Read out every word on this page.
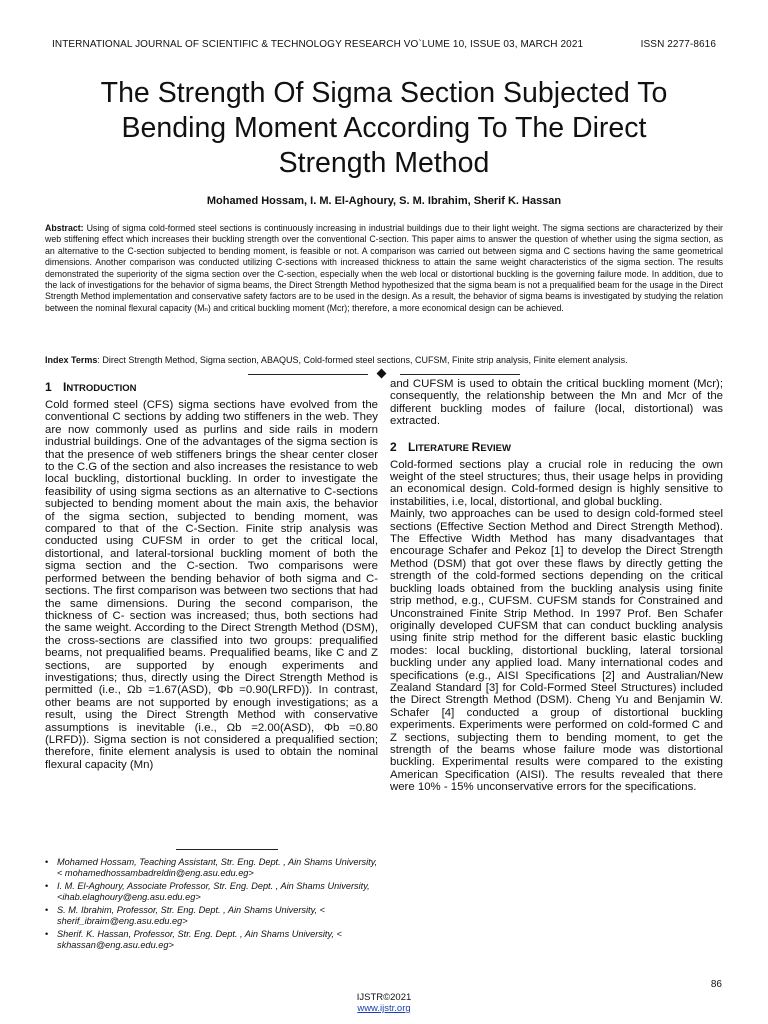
INTERNATIONAL JOURNAL OF SCIENTIFIC & TECHNOLOGY RESEARCH VO`LUME 10, ISSUE 03, MARCH 2021	ISSN 2277-8616
The Strength Of Sigma Section Subjected To
Bending Moment According To The Direct
Strength Method
Mohamed Hossam, I. M. El-Aghoury, S. M. Ibrahim, Sherif K. Hassan
Abstract: Using of sigma cold-formed steel sections is continuously increasing in industrial buildings due to their light weight. The sigma sections are characterized by their web stiffening effect which increases their buckling strength over the conventional C-section. This paper aims to answer the question of whether using the sigma section, as an alternative to the C-section subjected to bending moment, is feasible or not. A comparison was carried out between sigma and C sections having the same geometrical dimensions. Another comparison was conducted utilizing C-sections with increased thickness to attain the same weight characteristics of the sigma section. The results demonstrated the superiority of the sigma section over the C-section, especially when the web local or distortional buckling is the governing failure mode. In addition, due to the lack of investigations for the behavior of sigma beams, the Direct Strength Method hypothesized that the sigma beam is not a prequalified beam for the usage in the Direct Strength Method implementation and conservative safety factors are to be used in the design. As a result, the behavior of sigma beams is investigated by studying the relation between the nominal flexural capacity (Mₙ) and critical buckling moment (Mcr); therefore, a more economical design can be achieved.
Index Terms: Direct Strength Method, Sigma section, ABAQUS, Cold-formed steel sections, CUFSM, Finite strip analysis, Finite element analysis.
1 INTRODUCTION

Cold formed steel (CFS) sigma sections have evolved from the conventional C sections by adding two stiffeners in the web. They are now commonly used as purlins and side rails in modern industrial buildings. One of the advantages of the sigma section is that the presence of web stiffeners brings the shear center closer to the C.G of the section and also increases the resistance to web local buckling, distortional buckling. In order to investigate the feasibility of using sigma sections as an alternative to C-sections subjected to bending moment about the main axis, the behavior of the sigma section, subjected to bending moment, was compared to that of the C-Section. Finite strip analysis was conducted using CUFSM in order to get the critical local, distortional, and lateral-torsional buckling moment of both the sigma section and the C-section. Two comparisons were performed between the bending behavior of both sigma and C- sections. The first comparison was between two sections that had the same dimensions. During the second comparison, the thickness of C- section was increased; thus, both sections had the same weight. According to the Direct Strength Method (DSM), the cross-sections are classified into two groups: prequalified beams, not prequalified beams. Prequalified beams, like C and Z sections, are supported by enough experiments and investigations; thus, directly using the Direct Strength Method is permitted (i.e., Ωb =1.67(ASD), Φb =0.90(LRFD)). In contrast, other beams are not supported by enough investigations; as a result, using the Direct Strength Method with conservative assumptions is inevitable (i.e., Ωb =2.00(ASD), Φb =0.80 (LRFD)). Sigma section is not considered a prequalified section; therefore, finite element analysis is used to obtain the nominal flexural capacity (Mn)

and CUFSM is used to obtain the critical buckling moment (Mcr); consequently, the relationship between the Mn and Mcr of the different buckling modes of failure (local, distortional) was extracted.

2 LITERATURE REVIEW

Cold-formed sections play a crucial role in reducing the own weight of the steel structures; thus, their usage helps in providing an economical design. Cold-formed design is highly sensitive to instabilities, i.e, local, distortional, and global buckling.

Mainly, two approaches can be used to design cold-formed steel sections (Effective Section Method and Direct Strength Method). The Effective Width Method has many disadvantages that encourage Schafer and Pekoz [1] to develop the Direct Strength Method (DSM) that got over these flaws by directly getting the strength of the cold-formed sections depending on the critical buckling loads obtained from the buckling analysis using finite strip method, e.g., CUFSM. CUFSM stands for Constrained and Unconstrained Finite Strip Method. In 1997 Prof. Ben Schafer originally developed CUFSM that can conduct buckling analysis using finite strip method for the different basic elastic buckling modes: local buckling, distortional buckling, lateral torsional buckling under any applied load. Many international codes and specifications (e.g., AISI Specifications [2] and Australian/New Zealand Standard [3] for Cold-Formed Steel Structures) included the Direct Strength Method (DSM). Cheng Yu and Benjamin W. Schafer [4] conducted a group of distortional buckling experiments. Experiments were performed on cold-formed C and Z sections, subjecting them to bending moment, to get the strength of the beams whose failure mode was distortional buckling. Experimental results were compared to the existing American Specification (AISI). The results revealed that there were 10% - 15% unconservative errors for the specifications.

• Mohamed Hossam, Teaching Assistant, Str. Eng. Dept. , Ain Shams University, < mohamedhossambadreldin@eng.asu.edu.eg>
• I. M. El-Aghoury, Associate Professor, Str. Eng. Dept. , Ain Shams University, <ihab.elaghoury@eng.asu.edu.eg>
• S. M. Ibrahim, Professor, Str. Eng. Dept. , Ain Shams University, < sherif_ibraim@eng.asu.edu.eg>
• Sherif. K. Hassan, Professor, Str. Eng. Dept. , Ain Shams University, < skhassan@eng.asu.edu.eg>
86
IJSTR©2021
www.ijstr.org
